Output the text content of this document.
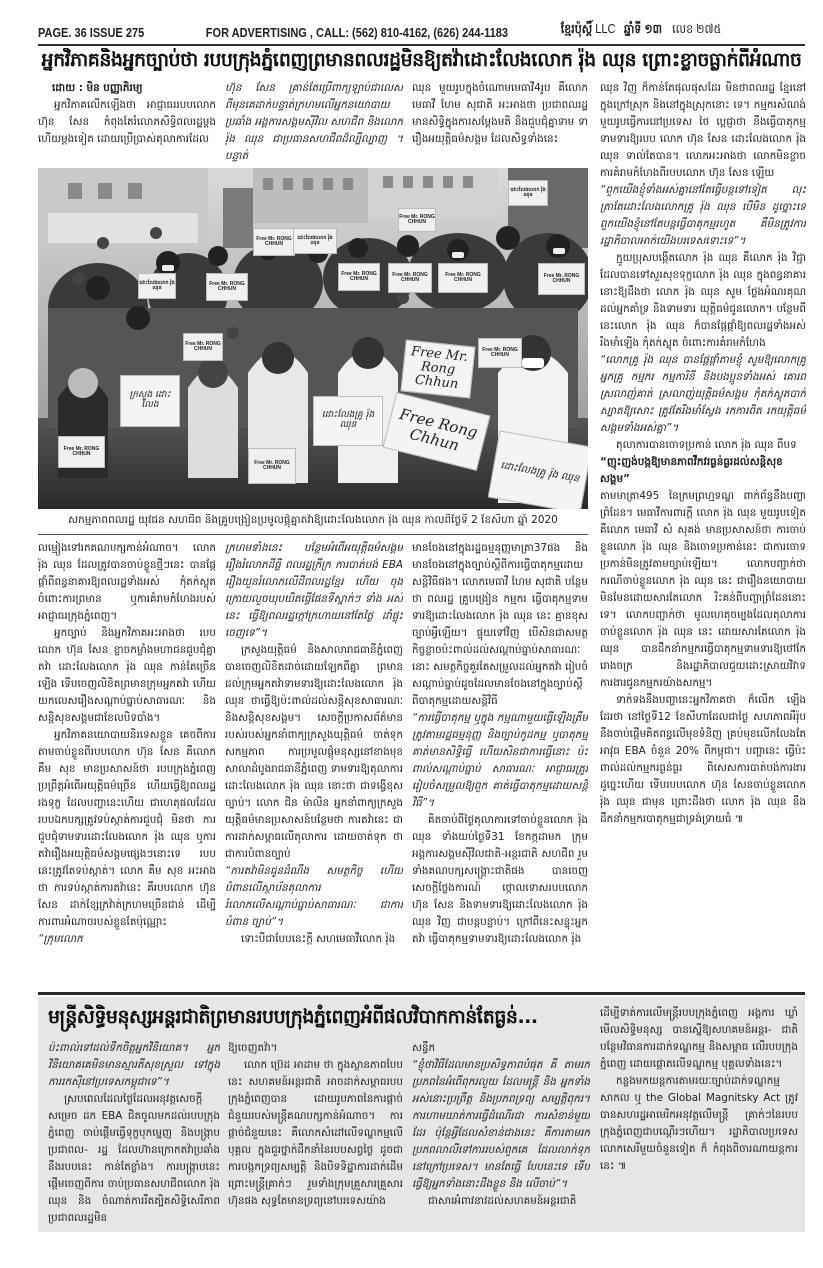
PAGE. 36 ISSUE 275	FOR ADVERTISING , CALL: (562) 810-4162, (626) 244-1183	ខ្មែរប៉ុស្តិ៍ LLC ឆ្នាំទី ១៣ លេខ ២៧៥
អ្នកវិភាគនិងអ្នកច្បាប់ថា របបក្រុងភ្នំពេញព្រមានពលរដ្ឋមិនឱ្យតវ៉ាដោះលែងលោក រ៉ុង ឈុន ព្រោះខ្លាចធ្លាក់ពីអំណាច
ដោយ : មិន បញ្ញាភិរម្យ

អ្នកវិភាគលើកឡើងថា អាជ្ញាធររបបលោក ហ៊ុន សែន កំពុងតែរំលោភសិទ្ធិពលរដ្ឋម្តង ហើយម្តងទៀត ដោយប្រើប្រាស់តុលាការដែល

ហ៊ុន សែន គ្រាន់តែប្រើពាក្យឡាប់ជាលេស ពីមុនគេដាក់បន្ទាត់ក្រហមលើអ្នកនយោបាយ ប្រឆាំង អង្គការសង្គមស៊ីវិល សហជីព និងលោក រ៉ុង ឈុន ជាប្រធានសហជីពដ៏ល្បីល្បាញ ។ បន្ទាត់

ឈុន មួយរូបក្នុងចំណោមមេធាវី4រូប គឺលោក មេធាវី ហែម សុជាតិ អះអាងថា ប្រជាពលរដ្ឋ មានសិទ្ធិក្នុងការសម្តែងមតិ និងជួបជុំគ្នាទាម ទារឿងអយុត្តិធម៌សង្គម ដែលសិទ្ធទាំងនេះ

ឈុន វិញ ក៏កាន់តែផុលផុសដែរ មិនថាពលរដ្ឋ ខ្មែរនៅក្នុងក្រៅស្រុក និងនៅក្នុងស្រុកនោះ ទេ។ កម្មករសំណង់មួយរូបធ្វើការនៅប្រទេស ថៃ ប្តេជ្ញាថា នឹងធ្វើបាតុកម្មទាមទារឱ្យរបប លោក ហ៊ុន សែន ដោះលែងលោក រ៉ុង ឈុន ទាល់តែបាន។ លោកអះអាងថា លោកមិនខ្លាច ការគំរាមកំហែងពីរបបលោក ហ៊ុន សែន ឡើយ

“ពួកយើងខ្ញុំទាំងអស់គ្នានៅតែធ្វើបន្តទៅទៀត លុះត្រាតែដោះលែងលោកគ្រូ រ៉ុង ឈុន បើមិន ដូច្នោះទេ ពួកយើងខ្ញុំនៅតែបន្តធ្វើបាតុកម្មរហូត គឺមិនត្រូវការរដ្ឋាភិបាលអាក់យើងបរទេសទោះទេ”។

ក្មួយប្រុសបង្កើតលោក រ៉ុង ឈុន គឺលោក រ៉ុង វិជ្ជា ដែលបានទៅសួរសុខទុក្ខលោក រ៉ុង ឈុន ក្នុងពន្ធនាគារនោះឱ្យដឹងថា លោក រ៉ុង ឈុន សូម ថ្លែងអំណរគុណដល់អ្នកគាំទ្រ និងទាមទារ យុត្តិធម៌ជូនលោក។ បន្ថែមពីនេះលោក រ៉ុង ឈុន ក៏បានផ្តែផ្តាំឱ្យពលរដ្ឋទាំងអស់រឹងមាំឡើង កុំតក់ស្លុត ចំពោះការគំរាមកំហែង

“លោកគ្រូ រ៉ុង ឈុន បានផ្តែផ្តាំតាមខ្ញុំ សូមឱ្យលោកគ្រូ អ្នកគ្រូ កម្មករ កម្មការិនី និងបងប្អូនទាំងអស់ គោរពស្រលាញ់គាត់ ស្រលាញ់យុត្តិធម៌សង្គម កុំតក់ស្លុតបាក់ស្បាតឱ្យសោះ ត្រូវតែរឹងមាំស្វែង រកការពិត រកយុត្តិធម៌សង្គមទាំងអស់គ្នា”។

តុលាការបានចោទប្រកាន់ លោក រ៉ុង ឈុន ពីបទ

“ញុះញង់បង្កឱ្យមានភាពវឹកវរធ្ងន់ធ្ងរដល់សន្តិសុខសង្គម”

តាមមាត្រា495 នៃក្រមព្រហ្មទណ្ឌ ពាក់ព័ន្ធនឹងបញ្ហាព្រំដែន។ មេធាវីការពារក្តី លោក រ៉ុង ឈុន មួយរូបទៀត គឺលោក មេធាវី សំ សុគង់ មានប្រសាសន៍ថា ការចាប់ខ្លួនលោក រ៉ុង ឈុន និងចោទប្រកាន់នេះ ជាការចោទប្រកាន់មិនត្រូវតាមច្បាប់ឡើយ។ លោកបញ្ជាក់ថា ករណីចាប់ខ្លួនលោក រ៉ុង ឈុន នេះ ជារឿងនយោបាយ មិនមែនដោយសារតែលោក រិះគន់ពីបញ្ហាព្រំដែននោះទេ។ លោកបញ្ជាក់ថា មូលហេតុចម្បងដែលតុលាការចាប់ខ្លួនលោក រ៉ុង ឈុន នេះ ដោយសារតែលោក រ៉ុង ឈុន បានដឹកនាំកម្មករធ្វើបាតុកម្មទាមទារឱ្យថៅកែ រោងចក្រ និងរដ្ឋាភិបាលជួយដោះស្រាយវិវាទ ការងារជូនកម្មករយ៉ាងសកម្ម។

ទាក់ទងនឹងបញ្ហានេះអ្នកវិភាគថា ក៏លើក ឡើងដែរថា នៅថ្ងៃទី12 ខែសីហាដែលជាថ្ងៃ សហភាពអឺរ៉ុបនឹងចាប់ផ្តើមគិតពន្ធលើមុខទំនិញ គ្រប់មុខលើកលែងតែអាវុធ EBA ចំនួន 20% ពីកម្ពុជា។ បញ្ហានេះ ធ្វើប៉ះពាល់ដល់កម្មករធ្ងន់ធ្ងរ ពិសេសការបាត់បង់ការងារ ដូច្នេះហើយ ទើបរបបលោក ហ៊ុន សែនចាប់ខ្លួនលោក រ៉ុង ឈុន ជាមុន ព្រោះដឹងថា លោក រ៉ុង ឈុន នឹង ដឹកនាំកម្មករបាតុកម្មជាទ្រង់ទ្រាយធំ ៕

Free Mr. RONG CHHUN
Free Mr. RONG CHHUN
Free Mr. RONG CHHUN
Free Mr. RONG CHHUN
Free Mr. RONG CHHUN
Free Mr. RONG CHHUN
Free Mr. RONG CHHUN
ដោះលែងលោក រ៉ុង ឈុន
Free Mr. RONG CHHUN	Free Mr. RONG CHHUN
Free Mr. RONG CHHUN
Free Mr. RONG CHHUN
ដោះលែងលោក រ៉ុង ឈុន
ដោះលែងលោក រ៉ុង ឈុន
Free Mr. Rong Chhun
Free Rong Chhun
ដោះលែងគ្រូ រ៉ុង ឈុន
ដោះលែងគ្រូ រ៉ុង ឈុន
ក្រសួង ដោះលែង
សកម្មភាពពលរដ្ឋ យុវជន សហជីព និងគ្រូបង្រៀនប្រមូលផ្តុំគ្នាតវ៉ាឱ្យដោះលែងលោក រ៉ុង ឈុន កាលពីថ្ងៃទី 2 ខែសីហា ឆ្នាំ 2020

លម្មៀងទៅរកគណបក្សកាន់អំណាច។ លោក រ៉ុង ឈុន ដែលត្រូវបានចាប់ខ្លួនថ្មីៗនេះ បានផ្តែផ្តាំពីពន្ធនាគារឱ្យពលរដ្ឋទាំងអស់ កុំតក់ស្លុត ចំពោះការព្រមាន ឬការគំរាមកំហែងរបស់ អាជ្ញាធរក្រុងភ្នំពេញ។

អ្នកច្បាប់ និងអ្នកវិភាគអះអាងថា របបលោក ហ៊ុន សែន ខ្លាចកម្លាំងមហាជនជួបជុំគ្នាតវ៉ា ដោះលែងលោក រ៉ុង ឈុន កាន់តែច្រើនឡើង ទើបចេញលិខិតព្រមានក្រុមអ្នកតវ៉ា ហើយ យកលេសរឿងសណ្តាប់ធ្នាប់សាធារណៈ និង សន្តិសុខសង្គមជាខែលបិទបាំង។

អ្នកវិភាគនយោបាយនិរទេសខ្លួន គេចពីការ តាមចាប់ខ្លួនពីរបបលោក ហ៊ុន សែន គឺលោក គឹម សុខ មានប្រសាសន៍ថា របបក្រុងភ្នំពេញ ប្រព្រឹត្តអំពើអយុត្តិធម៌ច្រើន ហើយធ្វើឱ្យពលរដ្ឋ រងទុក្ខ ដែលបញ្ហានេះហើយ ជាហេតុផលដែល របបឯកបក្សត្រូវទប់ស្កាត់ការជួបជុំ មិនថា ការ ជួបជុំទាមទារដោះលែងលោក រ៉ុង ឈុន ឬការ តវ៉ារឿងអយុត្តិធម៌សង្គមផ្សេងៗនោះទេ របប នេះត្រូវតែទប់ស្កាត់។ លោក គឹម សុខ អះអាង ថា ការទប់ស្កាត់ការតវ៉ានេះ គឺរបបលោក ហ៊ុន សែន ដាក់ខ្សែក្រវ៉ាត់ក្រហមច្រើនជាន់ ដើម្បី ការពារអំណាចរបស់ខ្លួនតែប៉ុណ្ណោះ

“ក្រុមលោក

ក្រហមទាំងនេះ បន្ថែមអំពើអយុត្តិធម៌សង្គម រឿងរំលោភដីធ្លី ពលរដ្ឋក្រីក្រ ការបាត់បង់ EBA រឿងយួនរំលោភលើដីពលរដ្ឋខ្មែរ ហើយ ចុងក្រោយលួចឃុបឃិតធ្វើផែនទីស្នាក់ៗ ទាំង អស់នេះ ធ្វើឱ្យពលរដ្ឋក្តៅក្រហាយនៅតែថ្ងៃ ដាំផ្ទុះចេញទេ”។

ក្រសួងយុត្តិធម៌ និងសាលារាជធានីភ្នំពេញ បានចេញលិខិតដាច់ដោយឡែកពីគ្នា ព្រមាន ដល់ក្រុមអ្នកតវ៉ាទាមទារឱ្យដោះលែងលោក រ៉ុង ឈុន ថាធ្វើឱ្យប៉ះពាល់ដល់សន្តិសុខសាធារណៈ និងសន្តិសុខសង្គម។ សេចក្តីប្រកាសព័ត៌មាន របស់របស់អ្នកនាំពាក្យក្រសួងយុត្តិធម៌ ចាត់ទុក សកម្មភាព ការប្រមូលផ្តុំមនុស្សនៅខាងមុខ សាលាដំបូងរាជធានីភ្នំពេញ ទាមទារឱ្យតុលាការ ដោះលែងលោក រ៉ុង ឈុន នោះថា ជាទង្វើខុស ច្បាប់។ លោក ជិន ម៉ាលីន អ្នកនាំពាក្យក្រសួង យុត្តិធម៌មានប្រសាសន៍បន្ថែមថា ការតវ៉ានេះ ជាការដាក់សម្ពាធលើតុលាការ ដោយចាត់ទុក ថា ជាការបំពានច្បាប់

“ការតវ៉ាមិនជូនដំណឹង សមត្ថកិច្ច ហើយបំពានលើស្ថាប័នតុលាការ រំលោភលើសណ្តាប់ធ្នាប់សាធារណៈ ជាការបំពាន ច្បាប់”។

ទោះបីជាបែបនេះក្តី សហមេធាវីលោក រ៉ុង

មានចែងនៅក្នុងរដ្ឋធម្មនុញ្ញមាត្រា37ផង និង មានចែងនៅក្នុងច្បាប់ស្តីពីការធ្វើបាតុកម្មដោយ សន្តិវិធីផង។ លោកមេធាវី ហែម សុជាតិ បន្ថែម ថា ពលរដ្ឋ គ្រូបង្រៀន កម្មករ ធ្វើបាតុកម្មទាម ទារឱ្យដោះលែងលោក រ៉ុង ឈុន នេះ គ្មានខុស ច្បាប់អ្វីឡើយ។ ផ្ទុយទៅវិញ បើសិនជាសមត្ថ កិច្ចខ្លាចប៉ះពាល់ដល់សណ្តាប់ធ្នាប់សាធារណៈនោះ សមត្ថកិច្ចគួរតែសម្រួលដល់អ្នកតវ៉ា រៀបចំ សណ្តាប់ធ្នាប់ដូចដែលមានចែងនៅក្នុងច្បាប់ស្តី ពីបាតុកម្មដោយសន្តិវិធី

“ការធ្វើបាតុកម្ម ឬក្នុង កម្មណាមួយធ្វើឡើងត្រឹមត្រូវតាមរដ្ឋធម្មនុញ្ញ និងច្បាប់កូដកម្ម ឬបាតុកម្មគាត់មានសិទ្ធិធ្វើ ហើយសិនជាការធ្វើនោះ ប៉ះពាល់សណ្តាប់ធ្នាប់ សាធារណៈ អាជ្ញាធរត្រូវរៀបចំសម្រួលឱ្យពួក គាត់ធ្វើបាតុកម្មដោយសន្តិវិធី”។

គិតចាប់ពីថ្ងៃតុលាការទៅចាប់ខ្លួនលោក រ៉ុង ឈុន ទាំងយប់ថ្ងៃទី31 ខែកក្កដាមក ក្រុម អង្គការសង្គមស៊ីវិលជាតិ-អន្តរជាតិ សហជីព រួមទាំងគណបក្សសង្គ្រោះជាតិផង បានចេញ សេចក្តីថ្លែងការណ៍ ថ្កោលទោសរបបលោក ហ៊ុន សែន និងទាមទារឱ្យដោះលែងលោក រ៉ុង ឈុន វិញ ជាបន្តបន្ទាប់។ ក្រៅពីនេះសន្ទុះអ្នក តវ៉ា ធ្វើបាតុកម្មទាមទារឱ្យដោះលែងលោក រ៉ុង

មន្ត្រីសិទ្ធិមនុស្សអន្តរជាតិព្រមានរបបក្រុងភ្នំពេញអំពីផលវិបាកកាន់តែធ្ងន់...

ប៉ះពាល់ទៅដល់ទឹកចិត្តអ្នកវិនិយោគ។ អ្នក វិនិយោគគេមិនមានស្មារតីសុខស្រួល ទៅក្នុង ការរកស៊ីនៅប្រទេសកម្ពុជាទេ”។

ស្របពេលដែលថ្ងៃដែលអនុវត្តសេចក្តីសម្រេច ដក EBA ជិតចូលមកដល់របបក្រុងភ្នំពេញ ចាប់ផ្តើមធ្វើទុក្ខបុកម្នេញ និងបង្ក្រាបប្រជាពល- រដ្ឋ ដែលហ៊ានក្រោកតវ៉ាប្រឆាំងនឹងរបបនេះ កាន់តែខ្លាំង។ ការបង្ក្រាបនេះ ផ្តើមចេញពីការ ចាប់ប្រធានសហជីពលោក រ៉ុង ឈុន និង ចំណាត់ការរឹតត្បិតសិទ្ធិសេរីភាពប្រជាពលរដ្ឋមិន

ឱ្យចេញតវ៉ា។

លោក ប្រ៊េដ អាដាម ថា ក្នុងស្ថានភាពបែប នេះ សហគមន៍អន្តរជាតិ អាចដាក់សម្ពាធរបប ក្រុងភ្នំពេញបាន ដោយរូបភាពនៃការផ្តាច់ ជំនួយរបស់មន្ត្រីគណបក្សកាន់អំណាច។ ការ ផ្តាច់ជំនួយនេះ គឺលោកសំដៅលើទណ្ឌកម្មលើ បុគ្គល ក្នុងជួរថ្នាក់ដឹកនាំនៃរបបសព្វថ្ងៃ ដូចជា ការបង្កកទ្រព្យសម្បត្តិ និងបិទទិដ្ឋាការដាក់ដើម ព្រោះមន្ត្រីគ្រាក់ៗ រួមទាំងក្រុមគ្រួសារគ្រួសារ ហ៊ុនផង សុទ្ធតែមានទ្រព្យនៅបរទេសយ៉ាង

សន្ធឹក

“ខ្ញុំថាវិធីដែលមានប្រសិទ្ធភាពបំផុត គឺ តាមរកប្រភពនៃអំពើពុករលួយ ដែលមន្ត្រី និង អ្នកទាំងអស់នោះប្រព្រឹត្ត និងប្រភពទ្រព្យ សម្បត្តិពុករ។ ការហាមឃាត់ការធ្វើដំណើរជា ការសំខាន់មួយដែរ ប៉ុន្តែអ្វីដែលសំខាន់ជាងនេះ គឺការតាមរកប្រភពលាលីទៅការរបស់ពួកគេ ដែលលាក់ទុកនៅក្រៅប្រទេស។ មានតែធ្វើ បែបនេះទេ ទើបធ្វើឱ្យអ្នកទាំងនោះដឹងខ្លួន និង លើចាប់”។

ជាសារអំពាវនាវដល់សហគមន៍អន្តរជាតិ

ដើម្បីទាត់ការលើមន្ត្រីរបបក្រុងភ្នំពេញ អង្គការ ឃ្លាំមើលសិទ្ធិមនុស្ស បានស្នើឱ្យសហគមន៍អន្តរ- ជាតិបន្ថែមវិធានការដាក់ទណ្ឌកម្ម និងសម្ពាធ លើរបបក្រុងភ្នំពេញ ដោយផ្តោតលើទណ្ឌកម្ម បុគ្គលទាំងនេះ។

កន្លងមកយន្តការតាមរយៈច្បាប់ដាក់ទណ្ឌកម្ម សាកល ឬ the Global Magnitsky Act ត្រូវបានសហរដ្ឋអាមេរិកអនុវត្តលើមន្ត្រី គ្រាក់ៗនៃរបបក្រុងភ្នំពេញជាបណ្តើរៗហើយ។ រដ្ឋាភិបាលប្រទេសលោកសេរីមួយចំនួនទៀត ក៏ កំពុងពិចារណាយន្តការនេះ ៕
